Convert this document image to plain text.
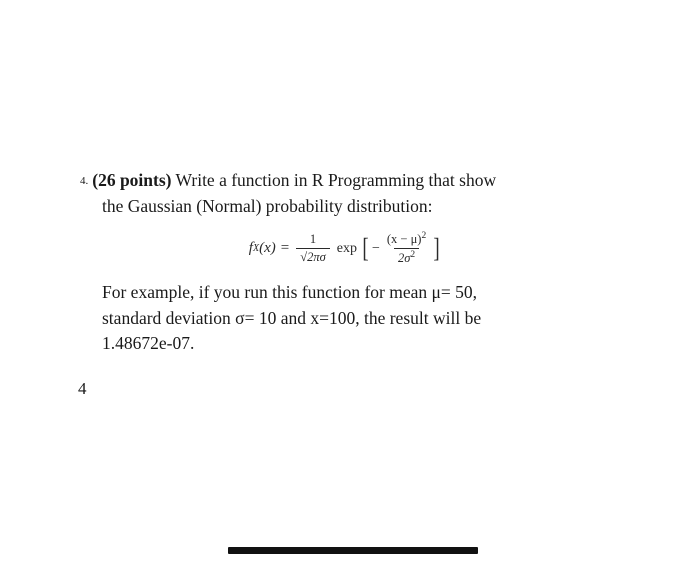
4. (26 points) Write a function in R Programming that show
the Gaussian (Normal) probability distribution:
f X $(x) = \frac{1}{√2\pi\sigma}$ exp [ − $\frac{(x - \mu)^2}{2\sigma^2}$ ]
For example, if you run this function for mean μ= 50,
standard deviation σ= 10 and x=100, the result will be
1.48672e-07.
4
